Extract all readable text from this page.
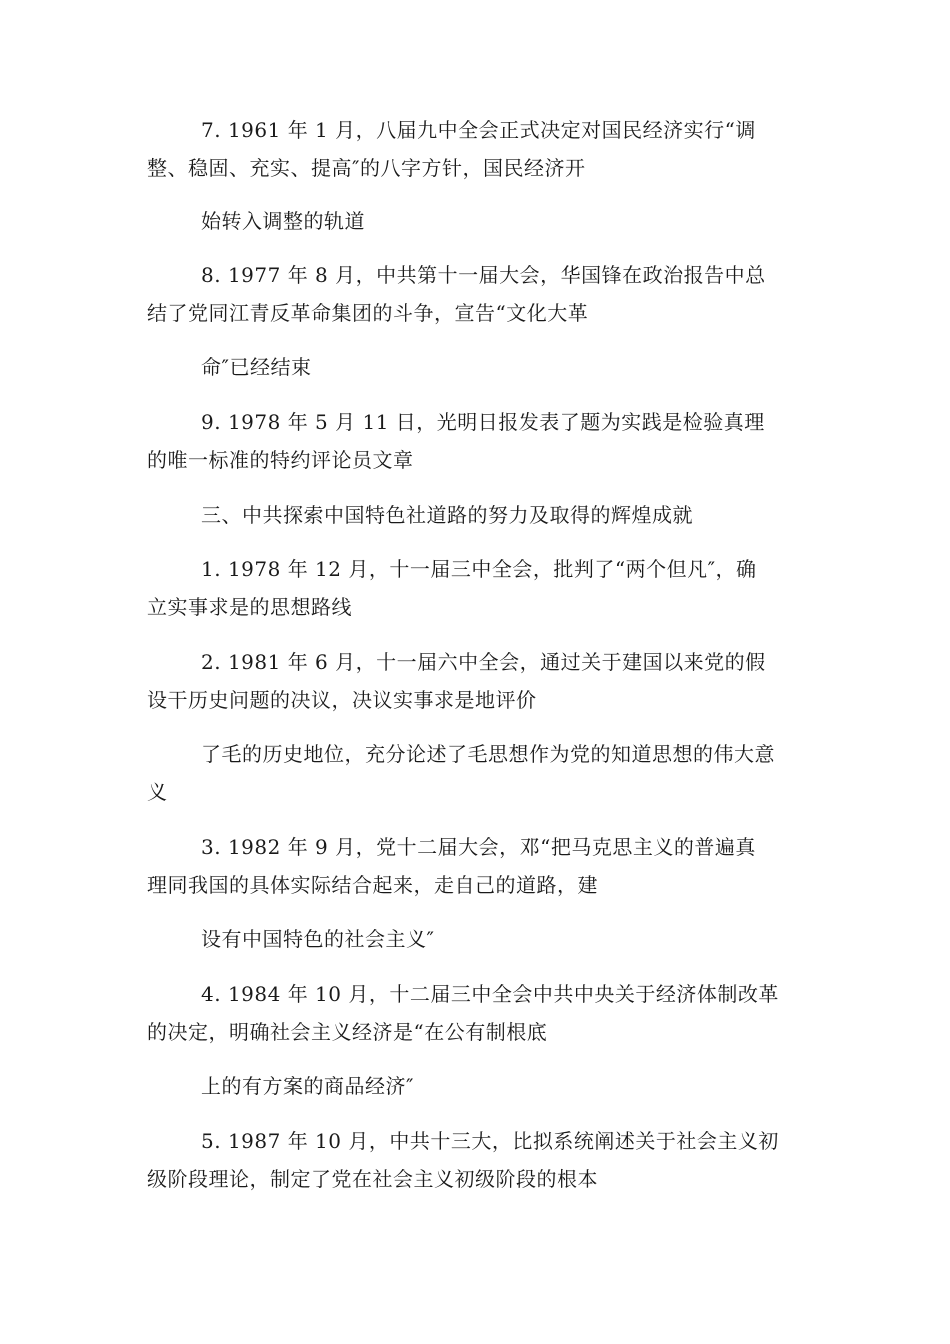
7. 1961 年 1 月，八届九中全会正式决定对国民经济实行“调
整、稳固、充实、提高″的八字方针，国民经济开

始转入调整的轨道

8. 1977 年 8 月，中共第十一届大会，华国锋在政治报告中总
结了党同江青反革命集团的斗争，宣告“文化大革

命″已经结束

9. 1978 年 5 月 11 日，光明日报发表了题为实践是检验真理
的唯一标准的特约评论员文章

三、中共探索中国特色社道路的努力及取得的辉煌成就

1. 1978 年 12 月，十一届三中全会，批判了“两个但凡″，确
立实事求是的思想路线

2. 1981 年 6 月，十一届六中全会，通过关于建国以来党的假
设干历史问题的决议，决议实事求是地评价

了毛的历史地位，充分论述了毛思想作为党的知道思想的伟大意
义

3. 1982 年 9 月，党十二届大会，邓“把马克思主义的普遍真
理同我国的具体实际结合起来，走自己的道路，建

设有中国特色的社会主义″

4. 1984 年 10 月，十二届三中全会中共中央关于经济体制改革
的决定，明确社会主义经济是“在公有制根底

上的有方案的商品经济″

5. 1987 年 10 月，中共十三大，比拟系统阐述关于社会主义初
级阶段理论，制定了党在社会主义初级阶段的根本
